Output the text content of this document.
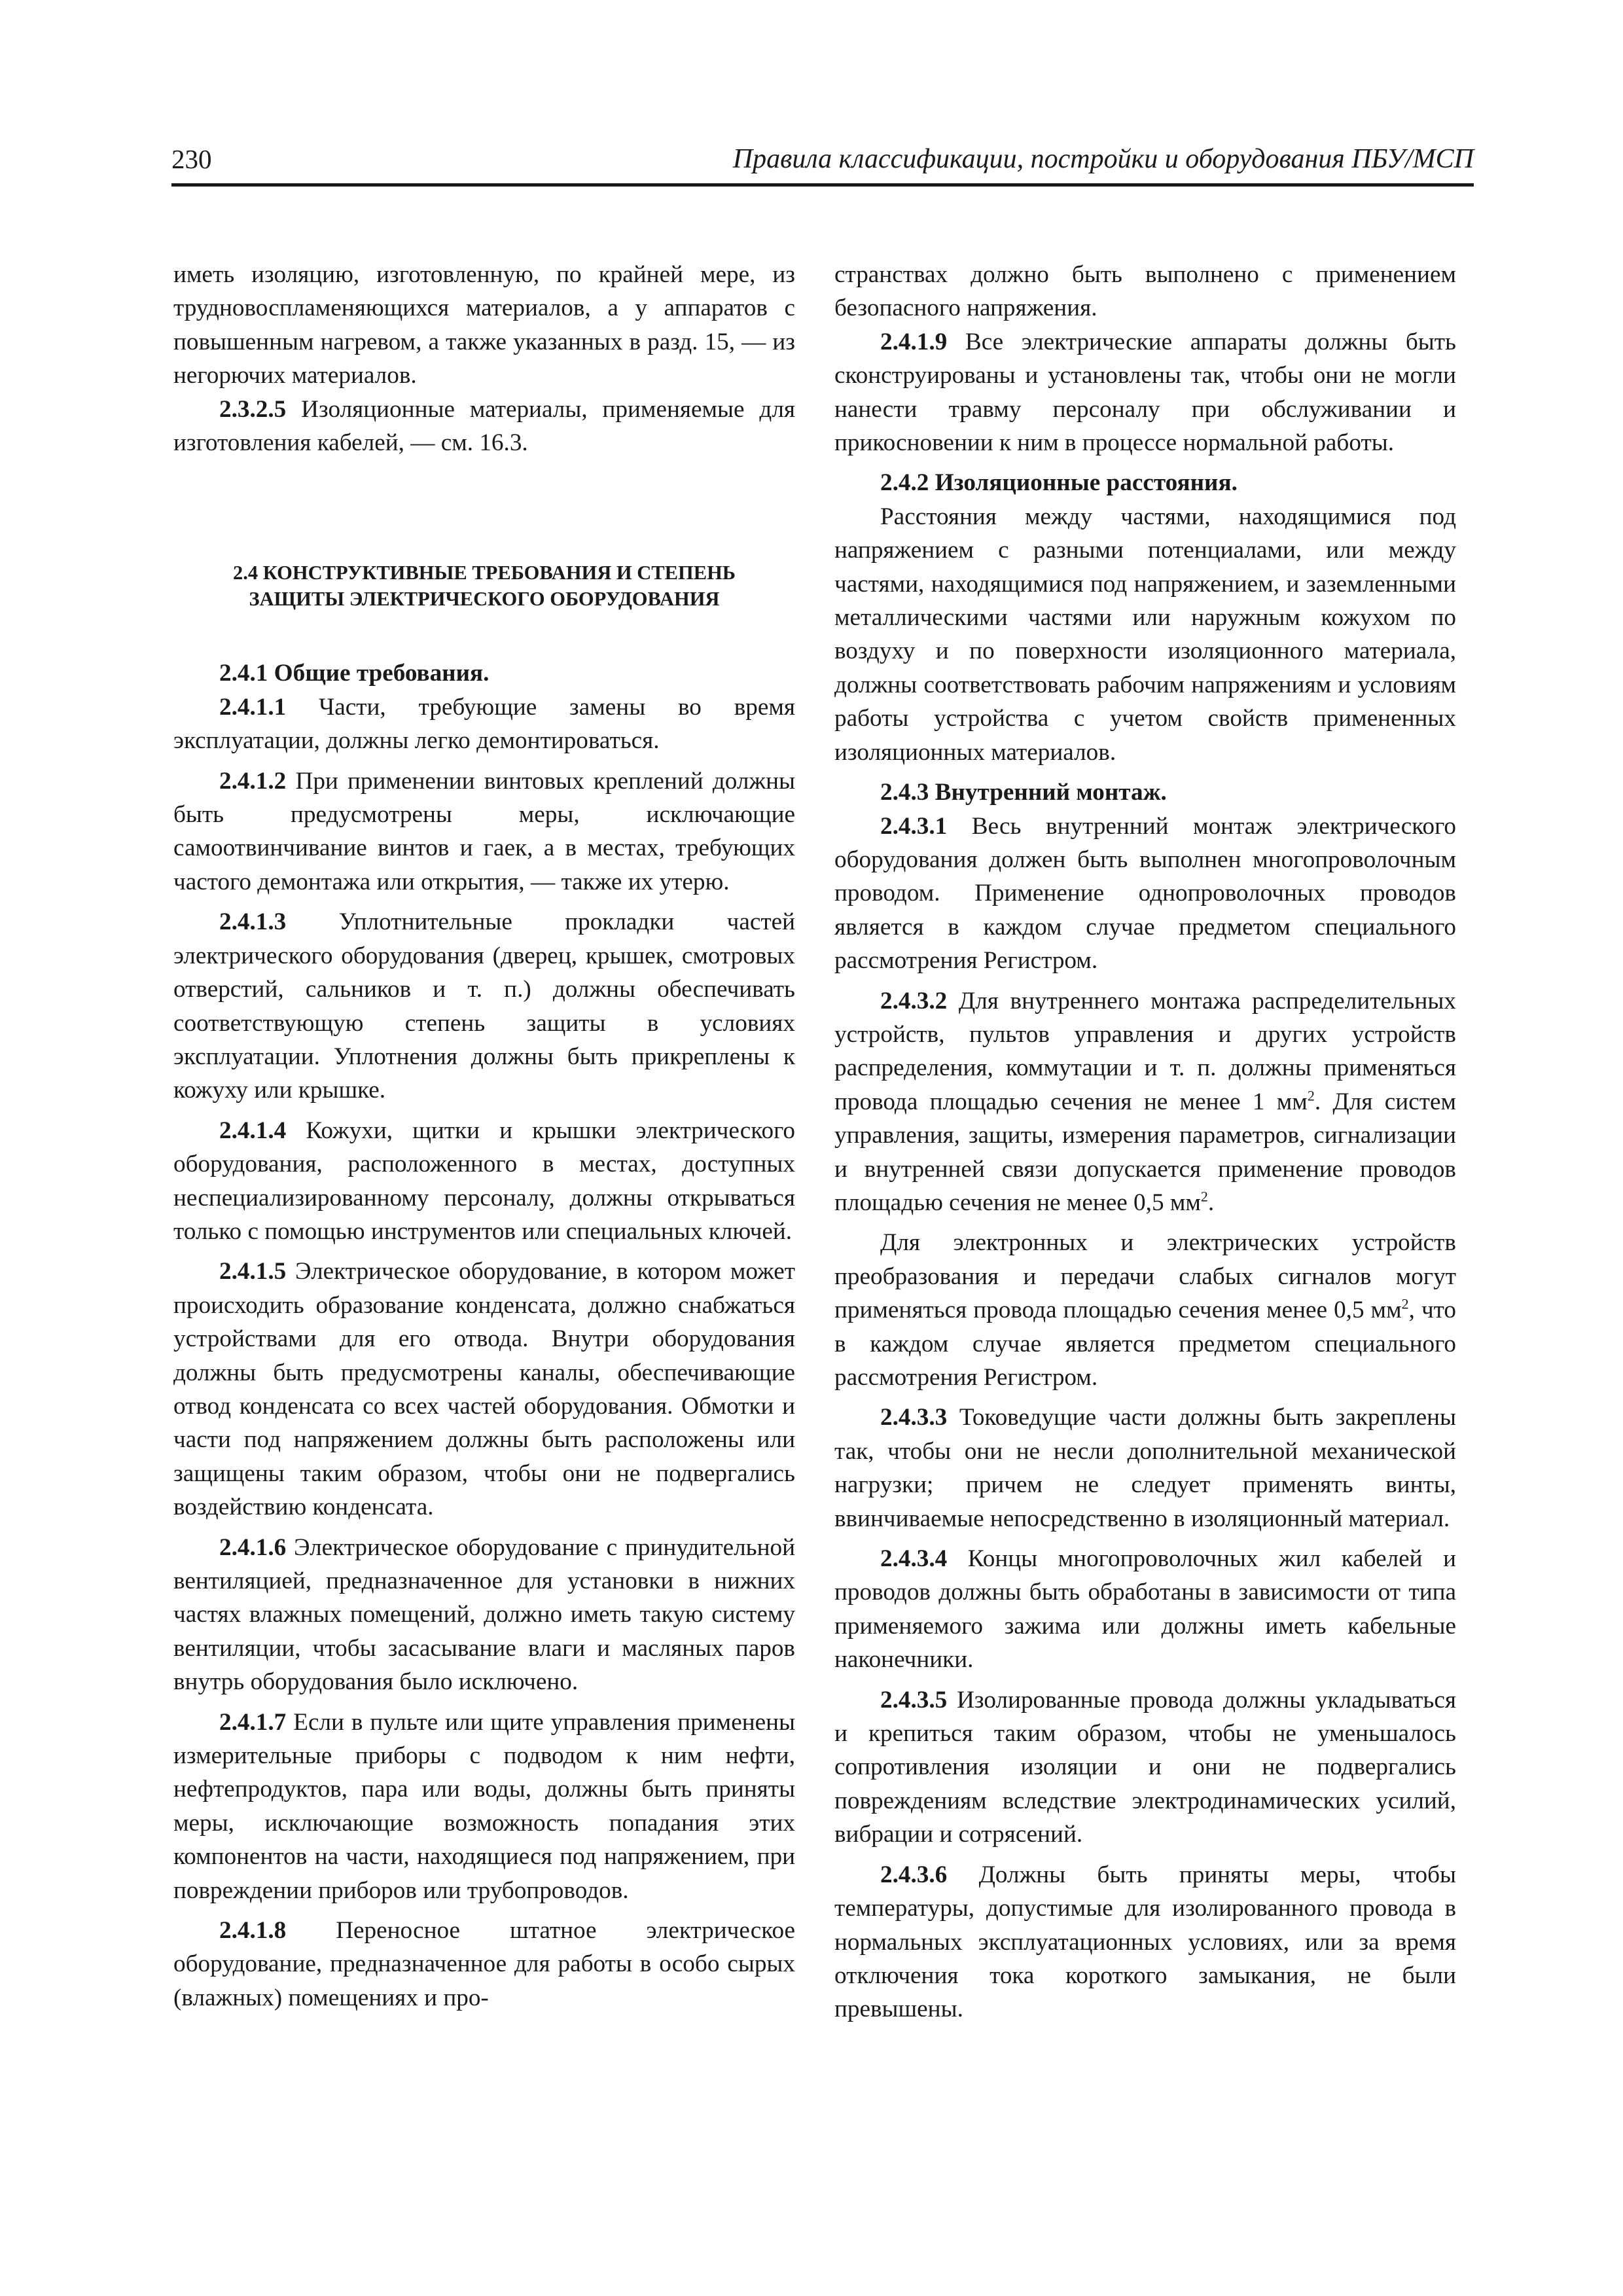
230	Правила классификации, постройки и оборудования ПБУ/МСП

иметь изоляцию, изготовленную, по крайней мере, из трудновоспламеняющихся материалов, а у аппаратов с повышенным нагревом, а также указанных в разд. 15, — из негорючих материалов.

2.3.2.5 Изоляционные материалы, применяемые для изготовления кабелей, — см. 16.3.

2.4 КОНСТРУКТИВНЫЕ ТРЕБОВАНИЯ И СТЕПЕНЬ
ЗАЩИТЫ ЭЛЕКТРИЧЕСКОГО ОБОРУДОВАНИЯ

2.4.1 Общие требования.

2.4.1.1 Части, требующие замены во время эксплуатации, должны легко демонтироваться.

2.4.1.2 При применении винтовых креплений должны быть предусмотрены меры, исключающие самоотвинчивание винтов и гаек, а в местах, требующих частого демонтажа или открытия, — также их утерю.

2.4.1.3 Уплотнительные прокладки частей электрического оборудования (дверец, крышек, смотровых отверстий, сальников и т. п.) должны обеспечивать соответствующую степень защиты в условиях эксплуатации. Уплотнения должны быть прикреплены к кожуху или крышке.

2.4.1.4 Кожухи, щитки и крышки электрического оборудования, расположенного в местах, доступных неспециализированному персоналу, должны открываться только с помощью инструментов или специальных ключей.

2.4.1.5 Электрическое оборудование, в котором может происходить образование конденсата, должно снабжаться устройствами для его отвода. Внутри оборудования должны быть предусмотрены каналы, обеспечивающие отвод конденсата со всех частей оборудования. Обмотки и части под напряжением должны быть расположены или защищены таким образом, чтобы они не подвергались воздействию конденсата.

2.4.1.6 Электрическое оборудование с принудительной вентиляцией, предназначенное для установки в нижних частях влажных помещений, должно иметь такую систему вентиляции, чтобы засасывание влаги и масляных паров внутрь оборудования было исключено.

2.4.1.7 Если в пульте или щите управления применены измерительные приборы с подводом к ним нефти, нефтепродуктов, пара или воды, должны быть приняты меры, исключающие возможность попадания этих компонентов на части, находящиеся под напряжением, при повреждении приборов или трубопроводов.

2.4.1.8 Переносное штатное электрическое оборудование, предназначенное для работы в особо сырых (влажных) помещениях и про-

странствах должно быть выполнено с применением безопасного напряжения.

2.4.1.9 Все электрические аппараты должны быть сконструированы и установлены так, чтобы они не могли нанести травму персоналу при обслуживании и прикосновении к ним в процессе нормальной работы.

2.4.2 Изоляционные расстояния.

Расстояния между частями, находящимися под напряжением с разными потенциалами, или между частями, находящимися под напряжением, и заземленными металлическими частями или наружным кожухом по воздуху и по поверхности изоляционного материала, должны соответствовать рабочим напряжениям и условиям работы устройства с учетом свойств примененных изоляционных материалов.

2.4.3 Внутренний монтаж.

2.4.3.1 Весь внутренний монтаж электрического оборудования должен быть выполнен многопроволочным проводом. Применение однопроволочных проводов является в каждом случае предметом специального рассмотрения Регистром.

2.4.3.2 Для внутреннего монтажа распределительных устройств, пультов управления и других устройств распределения, коммутации и т. п. должны применяться провода площадью сечения не менее 1 $мм^2$. Для систем управления, защиты, измерения параметров, сигнализации и внутренней связи допускается применение проводов площадью сечения не менее 0,5 $мм^2$.

Для электронных и электрических устройств преобразования и передачи слабых сигналов могут применяться провода площадью сечения менее 0,5 $мм^2$, что в каждом случае является предметом специального рассмотрения Регистром.

2.4.3.3 Токоведущие части должны быть закреплены так, чтобы они не несли дополнительной механической нагрузки; причем не следует применять винты, ввинчиваемые непосредственно в изоляционный материал.

2.4.3.4 Концы многопроволочных жил кабелей и проводов должны быть обработаны в зависимости от типа применяемого зажима или должны иметь кабельные наконечники.

2.4.3.5 Изолированные провода должны укладываться и крепиться таким образом, чтобы не уменьшалось сопротивления изоляции и они не подвергались повреждениям вследствие электродинамических усилий, вибрации и сотрясений.

2.4.3.6 Должны быть приняты меры, чтобы температуры, допустимые для изолированного провода в нормальных эксплуатационных условиях, или за время отключения тока короткого замыкания, не были превышены.
